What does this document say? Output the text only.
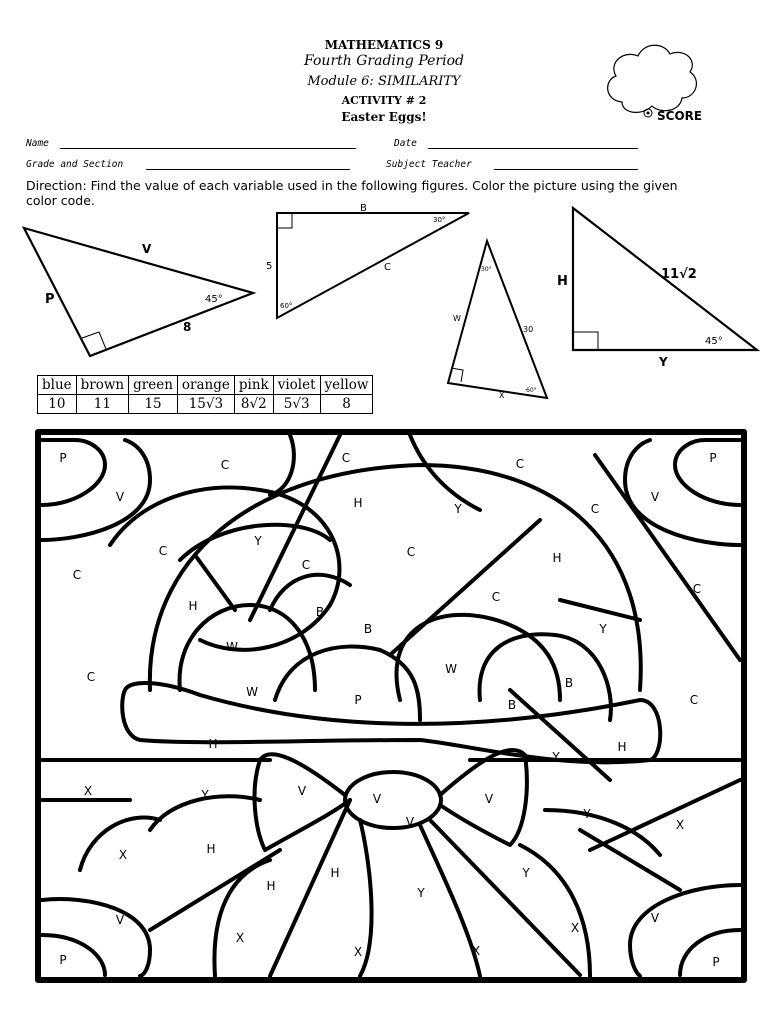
MATHEMATICS 9
Fourth Grading Period
Module 6: SIMILARITY
ACTIVITY # 2
Easter Eggs!
Name	Date
Grade and Section	Subject Teacher
Direction: Find the value of each variable used in the following figures. Color the picture using the given color code.
SCORE
V
P
8
45°
B
5	C
30°
60°
W
30
X
30°
60°
H	11√2
Y
45°
blue	brown	green	orange	pink	violet	yellow
10	11	15	15√3	8√2	5√3	8
P	C	C	C	P
V	H	Y	C
V
C
Y
C
C
H
C
C
H
C
B
B	Y
W
W
W
C	B
P	B	C
H	H
Y
X	Y	V
V	V
V
Y
X
X	H
H	Y
H	Y
V
X
X	X
X
V
P	P
